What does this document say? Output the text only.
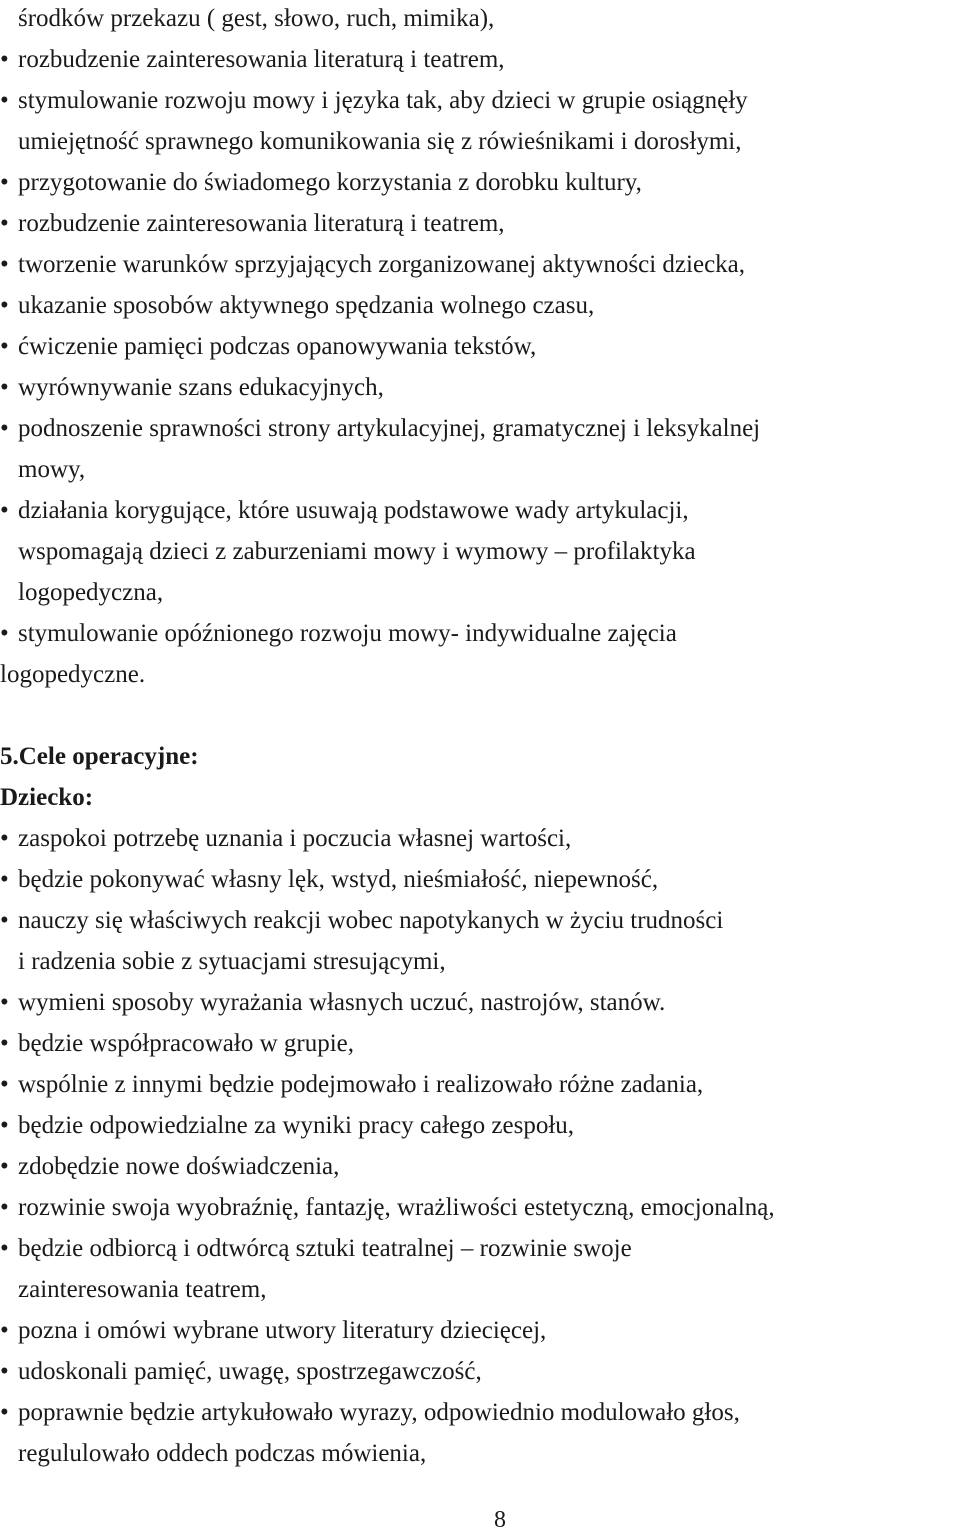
środków przekazu ( gest, słowo, ruch, mimika),
• rozbudzenie zainteresowania literaturą i teatrem,
• stymulowanie rozwoju mowy i języka tak, aby dzieci w grupie osiągnęły
umiejętność sprawnego komunikowania się z rówieśnikami i dorosłymi,
• przygotowanie do świadomego korzystania z dorobku kultury,
• rozbudzenie zainteresowania literaturą i teatrem,
• tworzenie warunków sprzyjających zorganizowanej aktywności dziecka,
• ukazanie sposobów aktywnego spędzania wolnego czasu,
• ćwiczenie pamięci podczas opanowywania tekstów,
• wyrównywanie szans edukacyjnych,
• podnoszenie sprawności strony artykulacyjnej, gramatycznej i leksykalnej
mowy,
• działania korygujące, które usuwają podstawowe wady artykulacji,
wspomagają dzieci z zaburzeniami mowy i wymowy – profilaktyka
logopedyczna,
• stymulowanie opóźnionego rozwoju mowy- indywidualne zajęcia
logopedyczne.
5.Cele operacyjne:
Dziecko:
• zaspokoi potrzebę uznania i poczucia własnej wartości,
• będzie pokonywać własny lęk, wstyd, nieśmiałość, niepewność,
• nauczy się właściwych reakcji wobec napotykanych w życiu trudności
i radzenia sobie z sytuacjami stresującymi,
• wymieni sposoby wyrażania własnych uczuć, nastrojów, stanów.
• będzie współpracowało w grupie,
• wspólnie z innymi będzie podejmowało i realizowało różne zadania,
• będzie odpowiedzialne za wyniki pracy całego zespołu,
• zdobędzie nowe doświadczenia,
• rozwinie swoja wyobraźnię, fantazję, wrażliwości estetyczną, emocjonalną,
• będzie odbiorcą i odtwórcą sztuki teatralnej – rozwinie swoje
zainteresowania teatrem,
• pozna i omówi wybrane utwory literatury dziecięcej,
• udoskonali pamięć, uwagę, spostrzegawczość,
• poprawnie będzie artykułowało wyrazy, odpowiednio modulowało głos,
regululowało oddech podczas mówienia,
8
